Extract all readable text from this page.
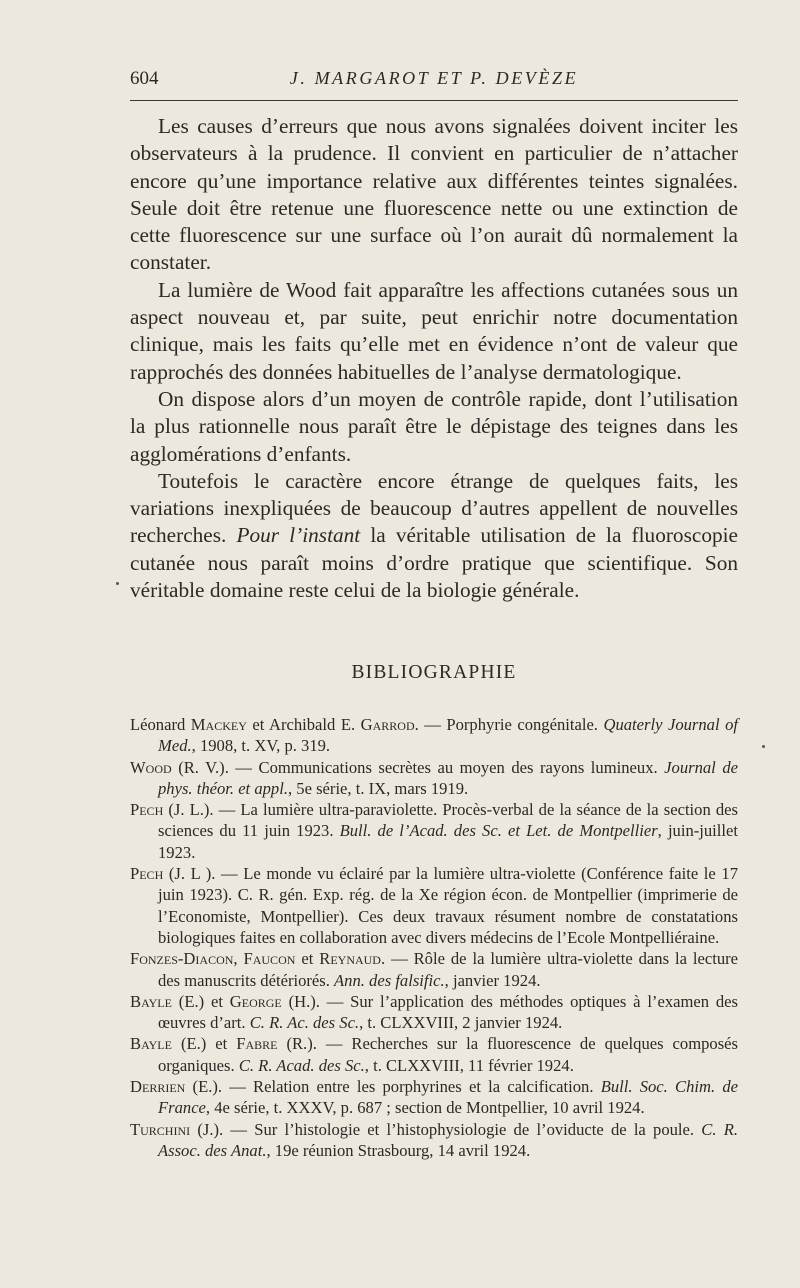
604	J. MARGAROT ET P. DEVÈZE

Les causes d’erreurs que nous avons signalées doivent inciter les observateurs à la prudence. Il convient en particulier de n’attacher encore qu’une importance relative aux différentes teintes signalées. Seule doit être retenue une fluorescence nette ou une extinction de cette fluorescence sur une surface où l’on aurait dû normalement la constater.

La lumière de Wood fait apparaître les affections cutanées sous un aspect nouveau et, par suite, peut enrichir notre documentation clinique, mais les faits qu’elle met en évidence n’ont de valeur que rapprochés des données habituelles de l’analyse dermatologique.

On dispose alors d’un moyen de contrôle rapide, dont l’utilisation la plus rationnelle nous paraît être le dépistage des teignes dans les agglomérations d’enfants.

Toutefois le caractère encore étrange de quelques faits, les variations inexpliquées de beaucoup d’autres appellent de nouvelles recherches. Pour l’instant la véritable utilisation de la fluoroscopie cutanée nous paraît moins d’ordre pratique que scientifique. Son véritable domaine reste celui de la biologie générale.

BIBLIOGRAPHIE

Léonard Mackey et Archibald E. Garrod. — Porphyrie congénitale. Quaterly Journal of Med., 1908, t. XV, p. 319.

Wood (R. V.). — Communications secrètes au moyen des rayons lumineux. Journal de phys. théor. et appl., 5e série, t. IX, mars 1919.

Pech (J. L.). — La lumière ultra-paraviolette. Procès-verbal de la séance de la section des sciences du 11 juin 1923. Bull. de l’Acad. des Sc. et Let. de Montpellier, juin-juillet 1923.

Pech (J. L ). — Le monde vu éclairé par la lumière ultra-violette (Conférence faite le 17 juin 1923). C. R. gén. Exp. rég. de la Xe région écon. de Montpellier (imprimerie de l’Economiste, Montpellier). Ces deux travaux résument nombre de constatations biologiques faites en collaboration avec divers médecins de l’Ecole Montpelliéraine.

Fonzes-Diacon, Faucon et Reynaud. — Rôle de la lumière ultra-violette dans la lecture des manuscrits détériorés. Ann. des falsific., janvier 1924.

Bayle (E.) et George (H.). — Sur l’application des méthodes optiques à l’examen des œuvres d’art. C. R. Ac. des Sc., t. CLXXVIII, 2 janvier 1924.

Bayle (E.) et Fabre (R.). — Recherches sur la fluorescence de quelques composés organiques. C. R. Acad. des Sc., t. CLXXVIII, 11 février 1924.

Derrien (E.). — Relation entre les porphyrines et la calcification. Bull. Soc. Chim. de France, 4e série, t. XXXV, p. 687 ; section de Montpellier, 10 avril 1924.

Turchini (J.). — Sur l’histologie et l’histophysiologie de l’oviducte de la poule. C. R. Assoc. des Anat., 19e réunion Strasbourg, 14 avril 1924.
